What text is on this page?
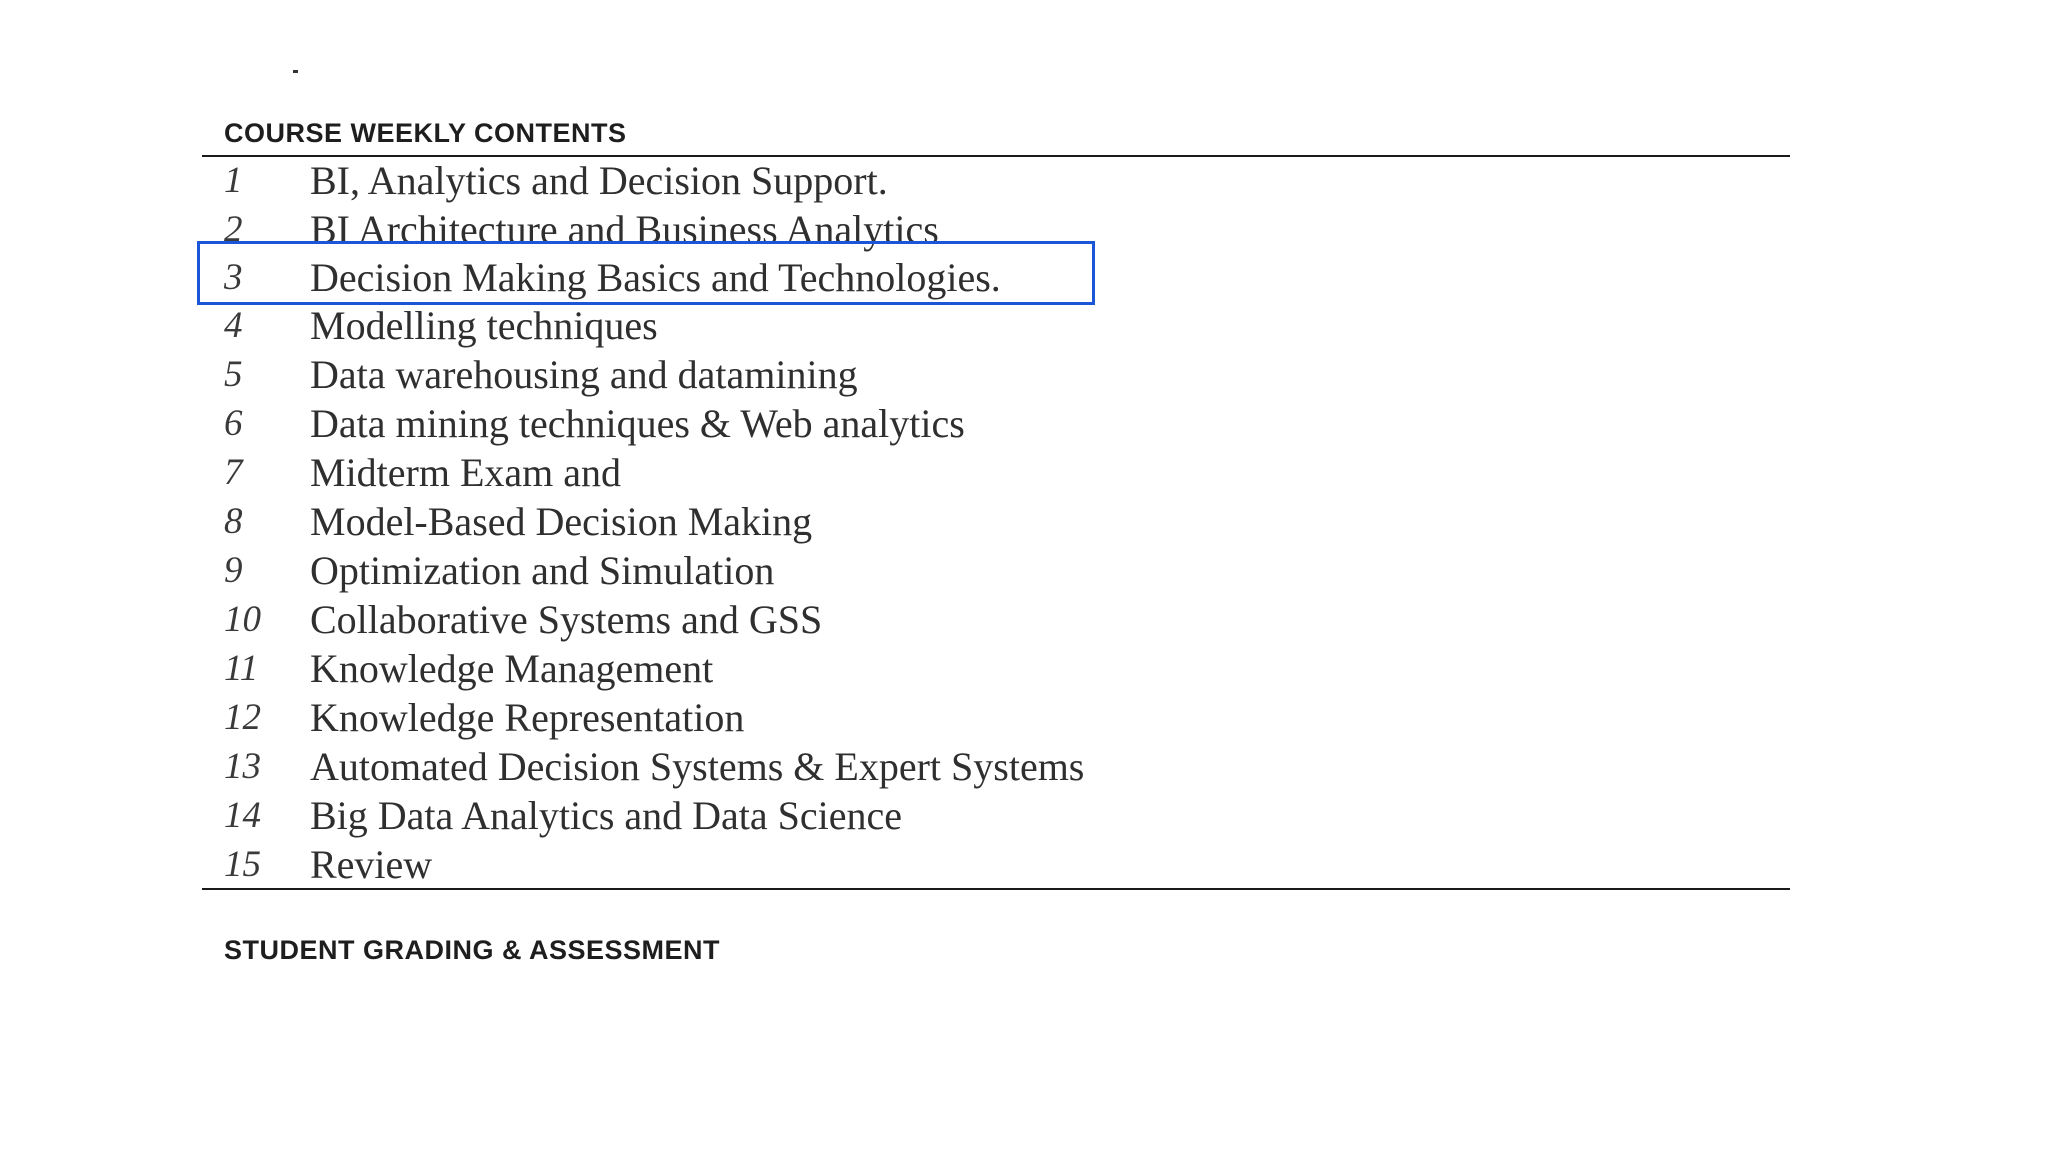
COURSE WEEKLY CONTENTS
1 BI, Analytics and Decision Support.
2 BI Architecture and Business Analytics
3 Decision Making Basics and Technologies.
4 Modelling techniques
5 Data warehousing and datamining
6 Data mining techniques & Web analytics
7 Midterm Exam and
8 Model-Based Decision Making
9 Optimization and Simulation
10 Collaborative Systems and GSS
11 Knowledge Management
12 Knowledge Representation
13 Automated Decision Systems & Expert Systems
14 Big Data Analytics and Data Science
15 Review
STUDENT GRADING & ASSESSMENT
